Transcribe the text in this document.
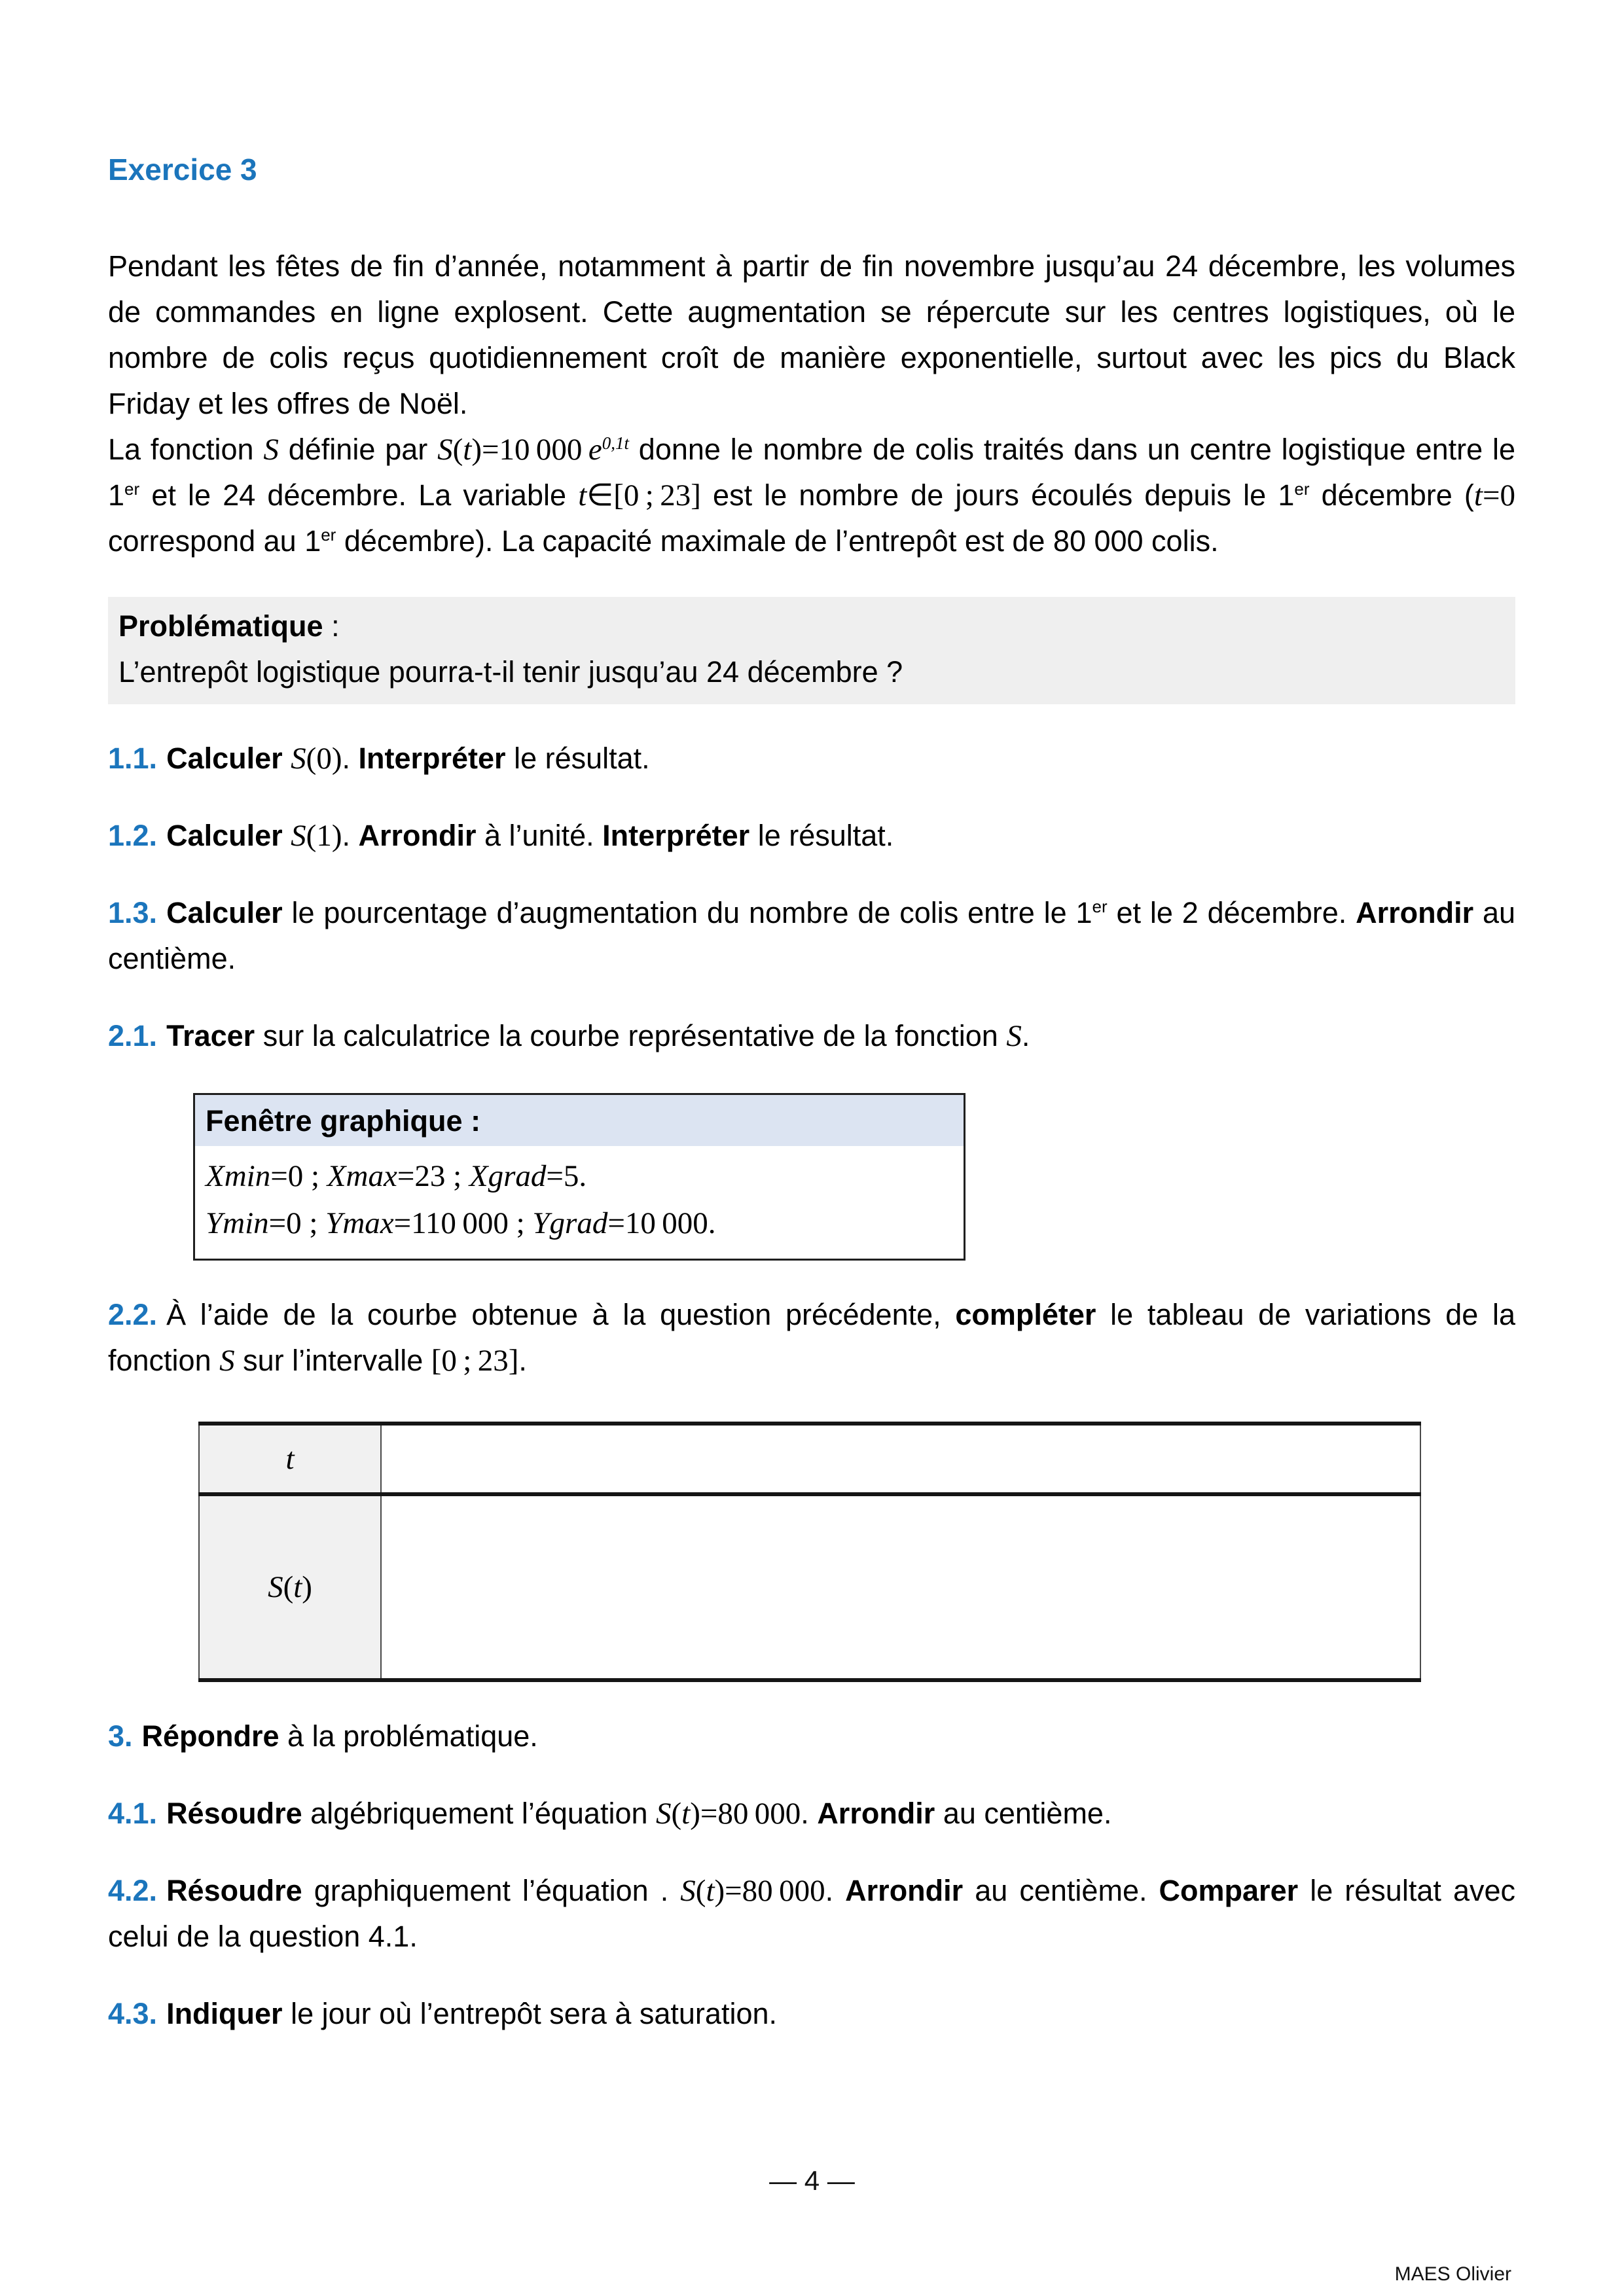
Exercice 3

Pendant les fêtes de fin d’année, notamment à partir de fin novembre jusqu’au 24 décembre, les volumes de commandes en ligne explosent. Cette augmentation se répercute sur les centres logistiques, où le nombre de colis reçus quotidiennement croît de manière exponentielle, surtout avec les pics du Black Friday et les offres de Noël.

La fonction S définie par S(t)=10 000 $e^{0,1t}$ donne le nombre de colis traités dans un centre logistique entre le 1er et le 24 décembre. La variable t∈[0 ; 23] est le nombre de jours écoulés depuis le 1er décembre (t=0 correspond au 1er décembre). La capacité maximale de l’entrepôt est de 80 000 colis.

Problématique :

L’entrepôt logistique pourra-t-il tenir jusqu’au 24 décembre ?

1.1. Calculer S(0). Interpréter le résultat.

1.2. Calculer S(1). Arrondir à l’unité. Interpréter le résultat.

1.3. Calculer le pourcentage d’augmentation du nombre de colis entre le 1er et le 2 décembre. Arrondir au centième.

2.1. Tracer sur la calculatrice la courbe représentative de la fonction S.

Fenêtre graphique :
Xmin=0 ; Xmax=23 ; Xgrad=5.
Ymin=0 ; Ymax=110 000 ; Ygrad=10 000.

2.2. À l’aide de la courbe obtenue à la question précédente, compléter le tableau de variations de la fonction S sur l’intervalle [0 ; 23].

t	
S(t)	

3. Répondre à la problématique.

4.1. Résoudre algébriquement l’équation S(t)=80 000. Arrondir au centième.

4.2. Résoudre graphiquement l’équation . S(t)=80 000. Arrondir au centième. Comparer le résultat avec celui de la question 4.1.

4.3. Indiquer le jour où l’entrepôt sera à saturation.

— 4 —
MAES Olivier
